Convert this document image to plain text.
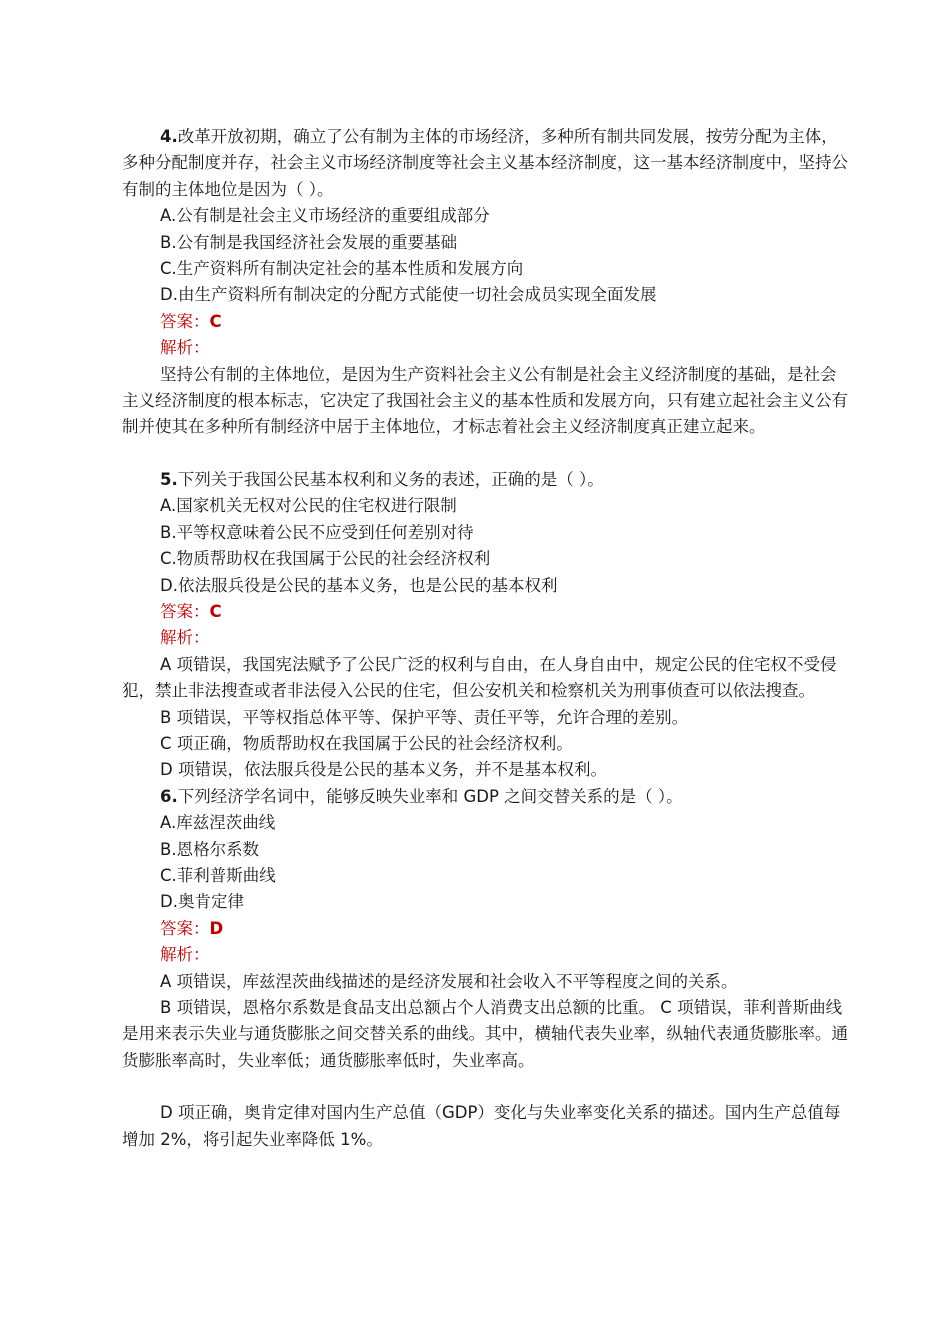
4.改革开放初期，确立了公有制为主体的市场经济，多种所有制共同发展，按劳分配为主体，多种分配制度并存，社会主义市场经济制度等社会主义基本经济制度，这一基本经济制度中，坚持公有制的主体地位是因为（ ）。
A.公有制是社会主义市场经济的重要组成部分
B.公有制是我国经济社会发展的重要基础
C.生产资料所有制决定社会的基本性质和发展方向
D.由生产资料所有制决定的分配方式能使一切社会成员实现全面发展
答案：C
解析：
坚持公有制的主体地位，是因为生产资料社会主义公有制是社会主义经济制度的基础，是社会主义经济制度的根本标志，它决定了我国社会主义的基本性质和发展方向，只有建立起社会主义公有制并使其在多种所有制经济中居于主体地位，才标志着社会主义经济制度真正建立起来。
5.下列关于我国公民基本权利和义务的表述，正确的是（ ）。
A.国家机关无权对公民的住宅权进行限制
B.平等权意味着公民不应受到任何差别对待
C.物质帮助权在我国属于公民的社会经济权利
D.依法服兵役是公民的基本义务，也是公民的基本权利
答案：C
解析：
A 项错误，我国宪法赋予了公民广泛的权利与自由，在人身自由中，规定公民的住宅权不受侵犯，禁止非法搜查或者非法侵入公民的住宅，但公安机关和检察机关为刑事侦查可以依法搜查。
B 项错误，平等权指总体平等、保护平等、责任平等，允许合理的差别。
C 项正确，物质帮助权在我国属于公民的社会经济权利。
D 项错误，依法服兵役是公民的基本义务，并不是基本权利。
6.下列经济学名词中，能够反映失业率和 GDP 之间交替关系的是（ ）。
A.库兹涅茨曲线
B.恩格尔系数
C.菲利普斯曲线
D.奥肯定律
答案：D
解析：
A 项错误，库兹涅茨曲线描述的是经济发展和社会收入不平等程度之间的关系。
B 项错误，恩格尔系数是食品支出总额占个人消费支出总额的比重。 C 项错误，菲利普斯曲线是用来表示失业与通货膨胀之间交替关系的曲线。其中，横轴代表失业率，纵轴代表通货膨胀率。通货膨胀率高时，失业率低；通货膨胀率低时，失业率高。
D 项正确，奥肯定律对国内生产总值（GDP）变化与失业率变化关系的描述。国内生产总值每增加 2%，将引起失业率降低 1%。
